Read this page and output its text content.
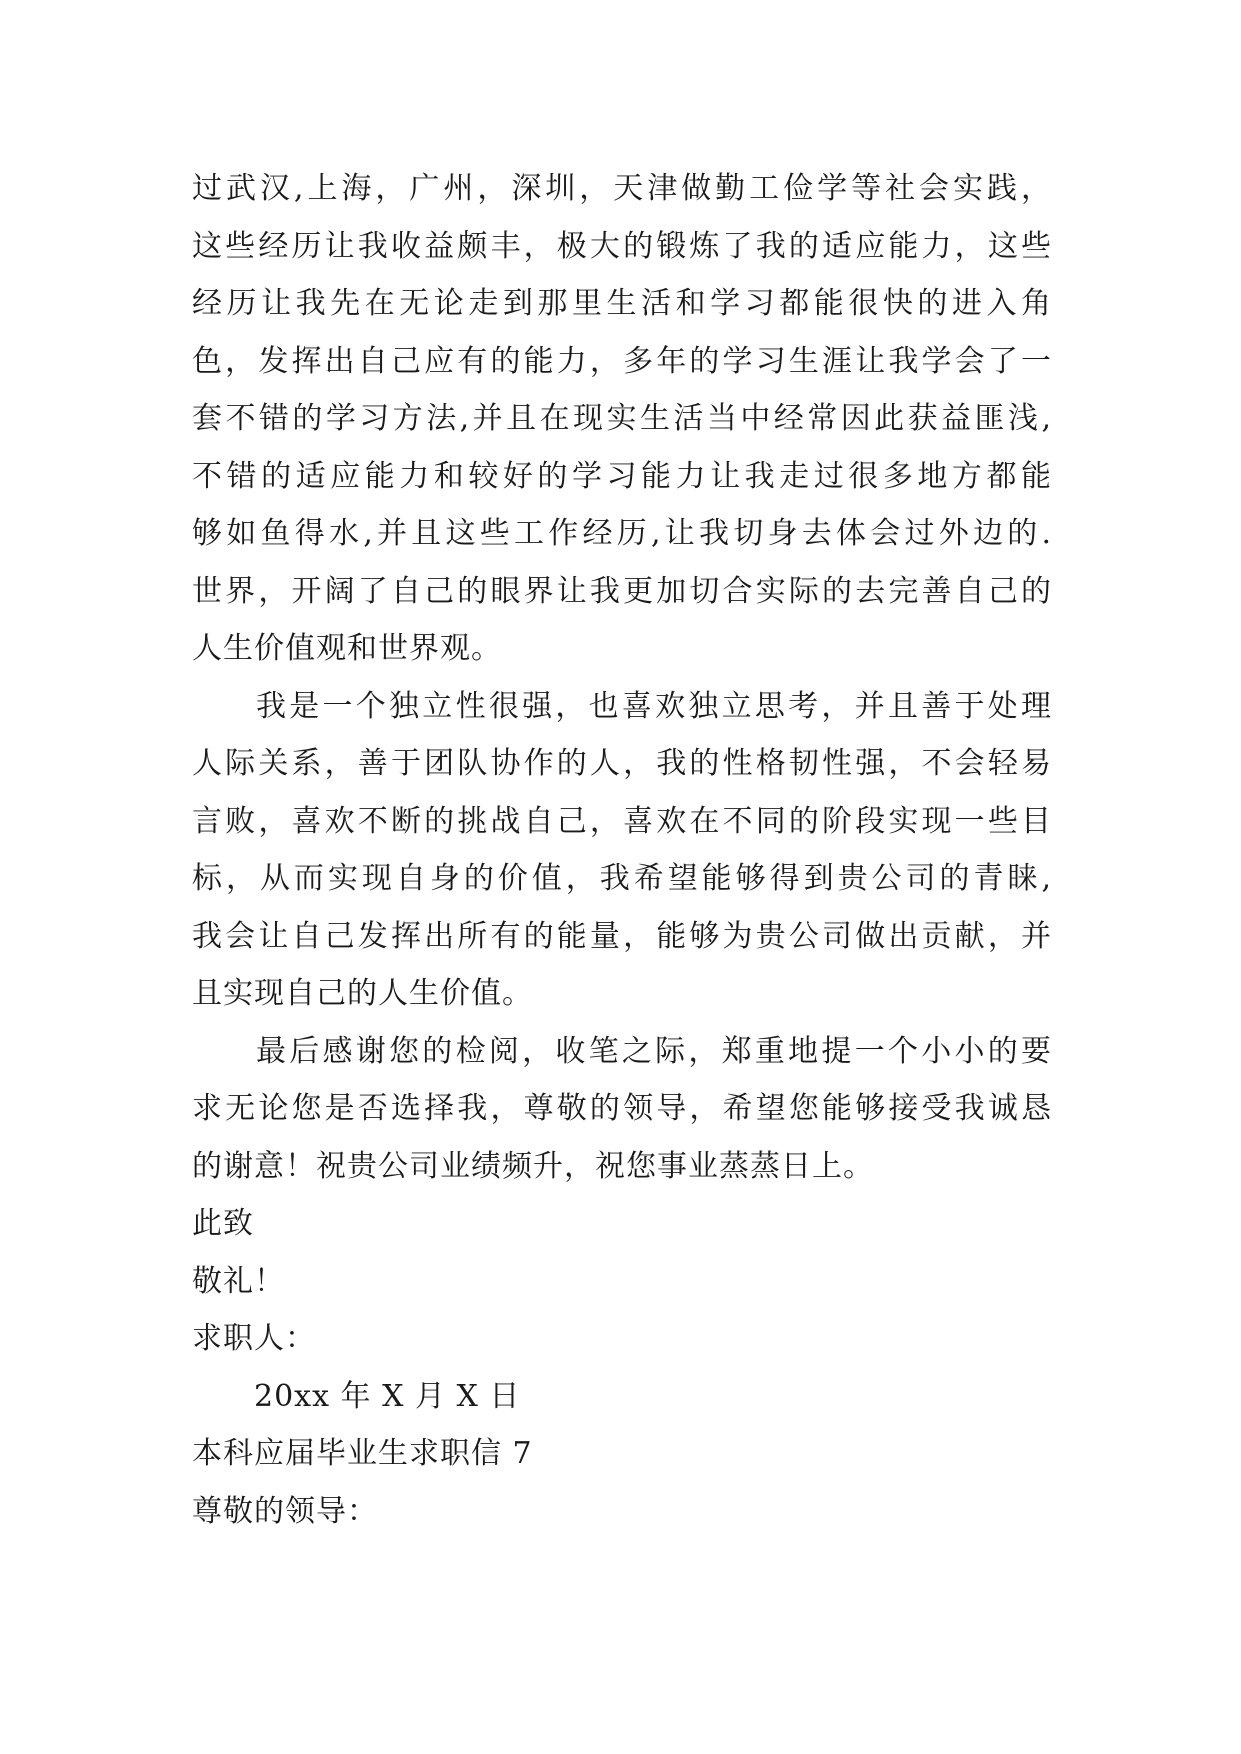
过武汉,上海，广州，深圳，天津做勤工俭学等社会实践，
这些经历让我收益颇丰，极大的锻炼了我的适应能力，这些
经历让我先在无论走到那里生活和学习都能很快的进入角
色，发挥出自己应有的能力，多年的学习生涯让我学会了一
套不错的学习方法,并且在现实生活当中经常因此获益匪浅,
不错的适应能力和较好的学习能力让我走过很多地方都能
够如鱼得水,并且这些工作经历,让我切身去体会过外边的.
世界，开阔了自己的眼界让我更加切合实际的去完善自己的
人生价值观和世界观。
我是一个独立性很强，也喜欢独立思考，并且善于处理
人际关系，善于团队协作的人，我的性格韧性强，不会轻易
言败，喜欢不断的挑战自己，喜欢在不同的阶段实现一些目
标，从而实现自身的价值，我希望能够得到贵公司的青睐,
我会让自己发挥出所有的能量，能够为贵公司做出贡献，并
且实现自己的人生价值。
最后感谢您的检阅，收笔之际，郑重地提一个小小的要
求无论您是否选择我，尊敬的领导，希望您能够接受我诚恳
的谢意！祝贵公司业绩频升，祝您事业蒸蒸日上。
此致
敬礼！
求职人：
20xx 年 X 月 X 日
本科应届毕业生求职信 7
尊敬的领导：
